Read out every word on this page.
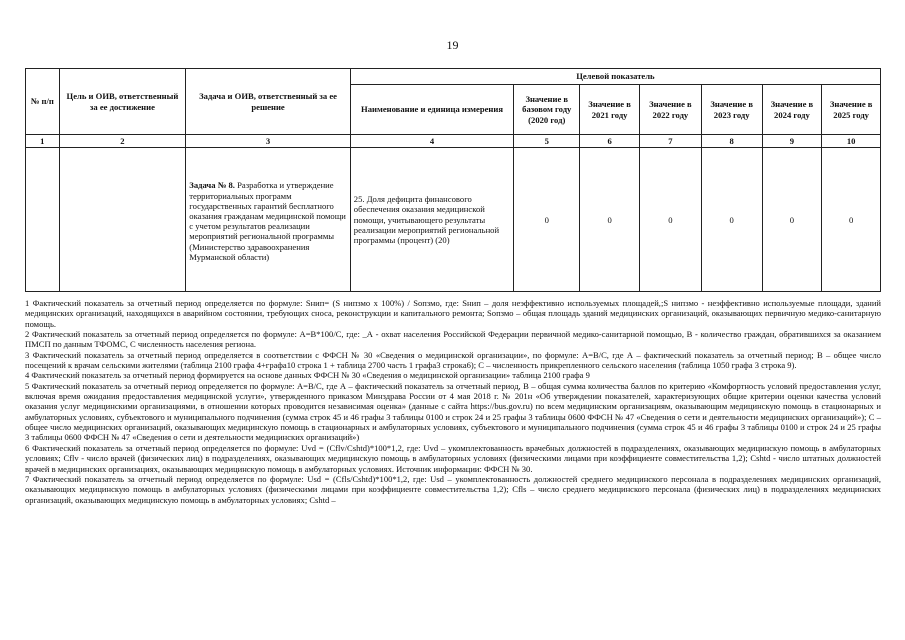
19
№ п/п	Цель и ОИВ, ответственный за ее достижение	Задача и ОИВ, ответственный за ее решение	Целевой показатель						
			Наименование и единица измерения	Значение в базовом году (2020 год)	Значение в 2021 году	Значение в 2022 году	Значение в 2023 году	Значение в 2024 году	Значение в 2025 году
1	2	3	4	5	6	7	8	9	10
		Задача № 8. Разработка и утверждение территориальных программ государственных гарантий бесплатного оказания гражданам медицинской помощи с учетом результатов реализации мероприятий региональной программы (Министерство здравоохранения Мурманской области)	25. Доля дефицита финансового обеспечения оказания медицинской помощи, учитывающего результаты реализации мероприятий региональной программы (процент) (20)	0	0	0	0	0	0

1 Фактический показатель за отчетный период определяется по формуле: Sнип= (S нипзмо x 100%) / Sопзмо, где: Sнип – доля неэффективно используемых площадей,;S нипзмо - неэффективно используемые площади, зданий медицинских организаций, находящихся в аварийном состоянии, требующих сноса, реконструкции и капитального ремонта; Sопзмо – общая площадь зданий медицинских организаций, оказывающих первичную медико-санитарную помощь.

2 Фактический показатель за отчетный период определяется по формуле: А=В*100/С, где: _А - охват населения Российской Федерации первичной медико-санитарной помощью, В - количество граждан, обратившихся за оказанием ПМСП по данным ТФОМС, С численность населения региона.

3 Фактический показатель за отчетный период определяется в соответствии с ФФСН № 30 «Сведения о медицинской организации», по формуле: А=В/С, где А – фактический показатель за отчетный период; В – общее число посещений к врачам сельскими жителями (таблица 2100 графа 4+графа10 строка 1 + таблица 2700 часть 1 графа3 строка6); С – численность прикрепленного сельского населения (таблица 1050 графа 3 строка 9).

4 Фактический показатель за отчетный период формируется на основе данных ФФСН № 30 «Сведения о медицинской организации» таблица 2100 графа 9

5 Фактический показатель за отчетный период определяется по формуле: А=В/С, где А – фактический показатель за отчетный период, В – общая сумма количества баллов по критерию «Комфортность условий предоставления услуг, включая время ожидания предоставления медицинской услуги», утвержденного приказом Минздрава России от 4 мая 2018 г. № 201н «Об утверждении показателей, характеризующих общие критерии оценки качества условий оказания услуг медицинскими организациями, в отношении которых проводится независимая оценка» (данные с сайта https://bus.gov.ru) по всем медицинским организациям, оказывающим медицинскую помощь в стационарных и амбулаторных условиях, субъектового и муниципального подчинения (сумма строк 45 и 46 графы 3 таблицы 0100 и строк 24 и 25 графы 3 таблицы 0600 ФФСН № 47 «Сведения о сети и деятельности медицинских организаций»); С – общее число медицинских организаций, оказывающих медицинскую помощь в стационарных и амбулаторных условиях, субъектового и муниципального подчинения (сумма строк 45 и 46 графы 3 таблицы 0100 и строк 24 и 25 графы 3 таблицы 0600 ФФСН № 47 «Сведения о сети и деятельности медицинских организаций»)

6 Фактический показатель за отчетный период определяется по формуле: Uvd = (Cflv/Cshtd)*100*1,2, где: Uvd – укомплектованность врачебных должностей в подразделениях, оказывающих медицинскую помощь в амбулаторных условиях; Cflv - число врачей (физических лиц) в подразделениях, оказывающих медицинскую помощь в амбулаторных условиях (физическими лицами при коэффициенте совместительства 1,2); Cshtd - число штатных должностей врачей в медицинских организациях, оказывающих медицинскую помощь в амбулаторных условиях. Источник информации: ФФСН № 30.

7 Фактический показатель за отчетный период определяется по формуле: Usd = (Cfls/Cshtd)*100*1,2, где: Usd – укомплектованность должностей среднего медицинского персонала в подразделениях медицинских организаций, оказывающих медицинскую помощь в амбулаторных условиях (физическими лицами при коэффициенте совместительства 1,2); Cfls – число среднего медицинского персонала (физических лиц) в подразделениях медицинских организаций, оказывающих медицинскую помощь в амбулаторных условиях; Cshtd –
